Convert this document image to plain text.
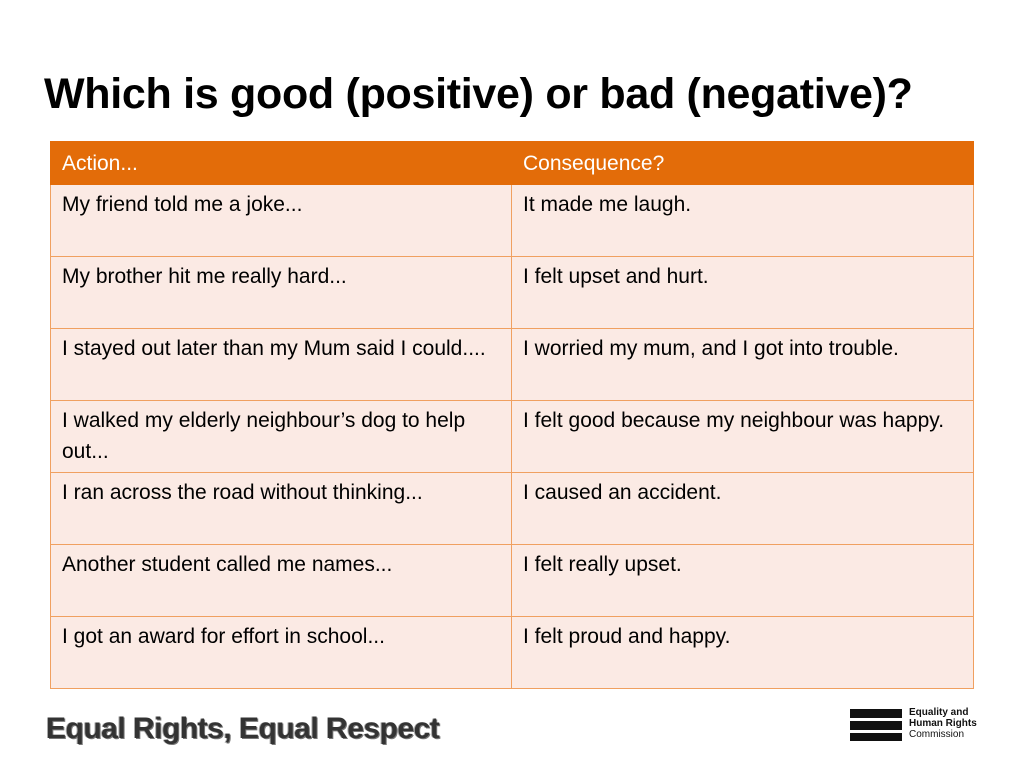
Which is good (positive) or bad (negative)?
Action...	Consequence?
My friend told me a joke...	It made me laugh.
My brother hit me really hard...	I felt upset and hurt.
I stayed out later than my Mum said I could....	I worried my mum, and I got into trouble.
I walked my elderly neighbour’s dog to help out...	I felt good because my neighbour was happy.
I ran across the road without thinking...	I caused an accident.
Another student called me names...	I felt really upset.
I got an award for effort in school...	I felt proud and happy.
Equal Rights, Equal Respect	Equality and
Human Rights
Commission
